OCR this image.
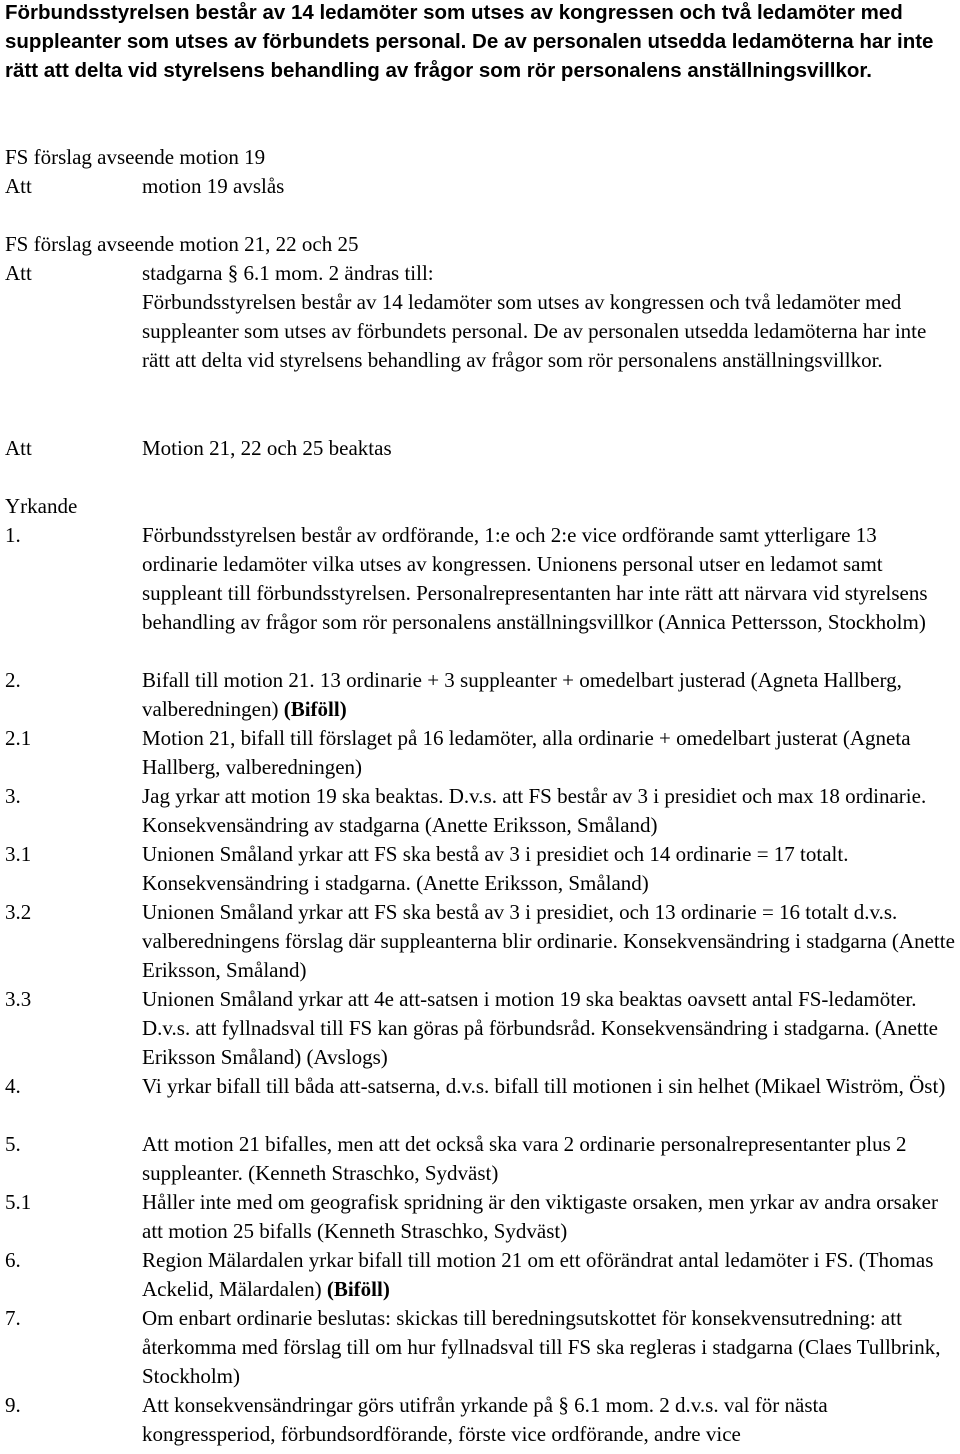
Förbundsstyrelsen består av 14 ledamöter som utses av kongressen och två ledamöter med suppleanter som utses av förbundets personal. De av personalen utsedda ledamöterna har inte rätt att delta vid styrelsens behandling av frågor som rör personalens anställningsvillkor.

FS förslag avseende motion 19

Att	motion 19 avslås

FS förslag avseende motion 21, 22 och 25

Att	stadgarna § 6.1 mom. 2 ändras till:

Förbundsstyrelsen består av 14 ledamöter som utses av kongressen och två ledamöter med suppleanter som utses av förbundets personal. De av personalen utsedda ledamöterna har inte rätt att delta vid styrelsens behandling av frågor som rör personalens anställningsvillkor.

Att	Motion 21, 22 och 25 beaktas

Yrkande

1.	Förbundsstyrelsen består av ordförande, 1:e och 2:e vice ordförande samt ytterligare 13 ordinarie ledamöter vilka utses av kongressen. Unionens personal utser en ledamot samt suppleant till förbundsstyrelsen. Personalrepresentanten har inte rätt att närvara vid styrelsens behandling av frågor som rör personalens anställningsvillkor (Annica Pettersson, Stockholm)

2.	Bifall till motion 21. 13 ordinarie + 3 suppleanter + omedelbart justerad (Agneta Hallberg, valberedningen) (Biföll)

2.1	Motion 21, bifall till förslaget på 16 ledamöter, alla ordinarie + omedelbart justerat (Agneta Hallberg, valberedningen)

3.	Jag yrkar att motion 19 ska beaktas. D.v.s. att FS består av 3 i presidiet och max 18 ordinarie. Konsekvensändring av stadgarna (Anette Eriksson, Småland)

3.1	Unionen Småland yrkar att FS ska bestå av 3 i presidiet och 14 ordinarie = 17 totalt. Konsekvensändring i stadgarna. (Anette Eriksson, Småland)

3.2	Unionen Småland yrkar att FS ska bestå av 3 i presidiet, och 13 ordinarie = 16 totalt d.v.s. valberedningens förslag där suppleanterna blir ordinarie. Konsekvensändring i stadgarna (Anette Eriksson, Småland)

3.3	Unionen Småland yrkar att 4e att-satsen i motion 19 ska beaktas oavsett antal FS-ledamöter. D.v.s. att fyllnadsval till FS kan göras på förbundsråd. Konsekvensändring i stadgarna. (Anette Eriksson Småland) (Avslogs)

4.	Vi yrkar bifall till båda att-satserna, d.v.s. bifall till motionen i sin helhet (Mikael Wiström, Öst)

5.	Att motion 21 bifalles, men att det också ska vara 2 ordinarie personalrepresentanter plus 2 suppleanter. (Kenneth Straschko, Sydväst)

5.1	Håller inte med om geografisk spridning är den viktigaste orsaken, men yrkar av andra orsaker att motion 25 bifalls (Kenneth Straschko, Sydväst)

6.	Region Mälardalen yrkar bifall till motion 21 om ett oförändrat antal ledamöter i FS. (Thomas Ackelid, Mälardalen) (Biföll)

7.	Om enbart ordinarie beslutas: skickas till beredningsutskottet för konsekvensutredning: att återkomma med förslag till om hur fyllnadsval till FS ska regleras i stadgarna (Claes Tullbrink, Stockholm)

9.	Att konsekvensändringar görs utifrån yrkande på § 6.1 mom. 2 d.v.s. val för nästa kongressperiod, förbundsordförande, förste vice ordförande, andre vice
